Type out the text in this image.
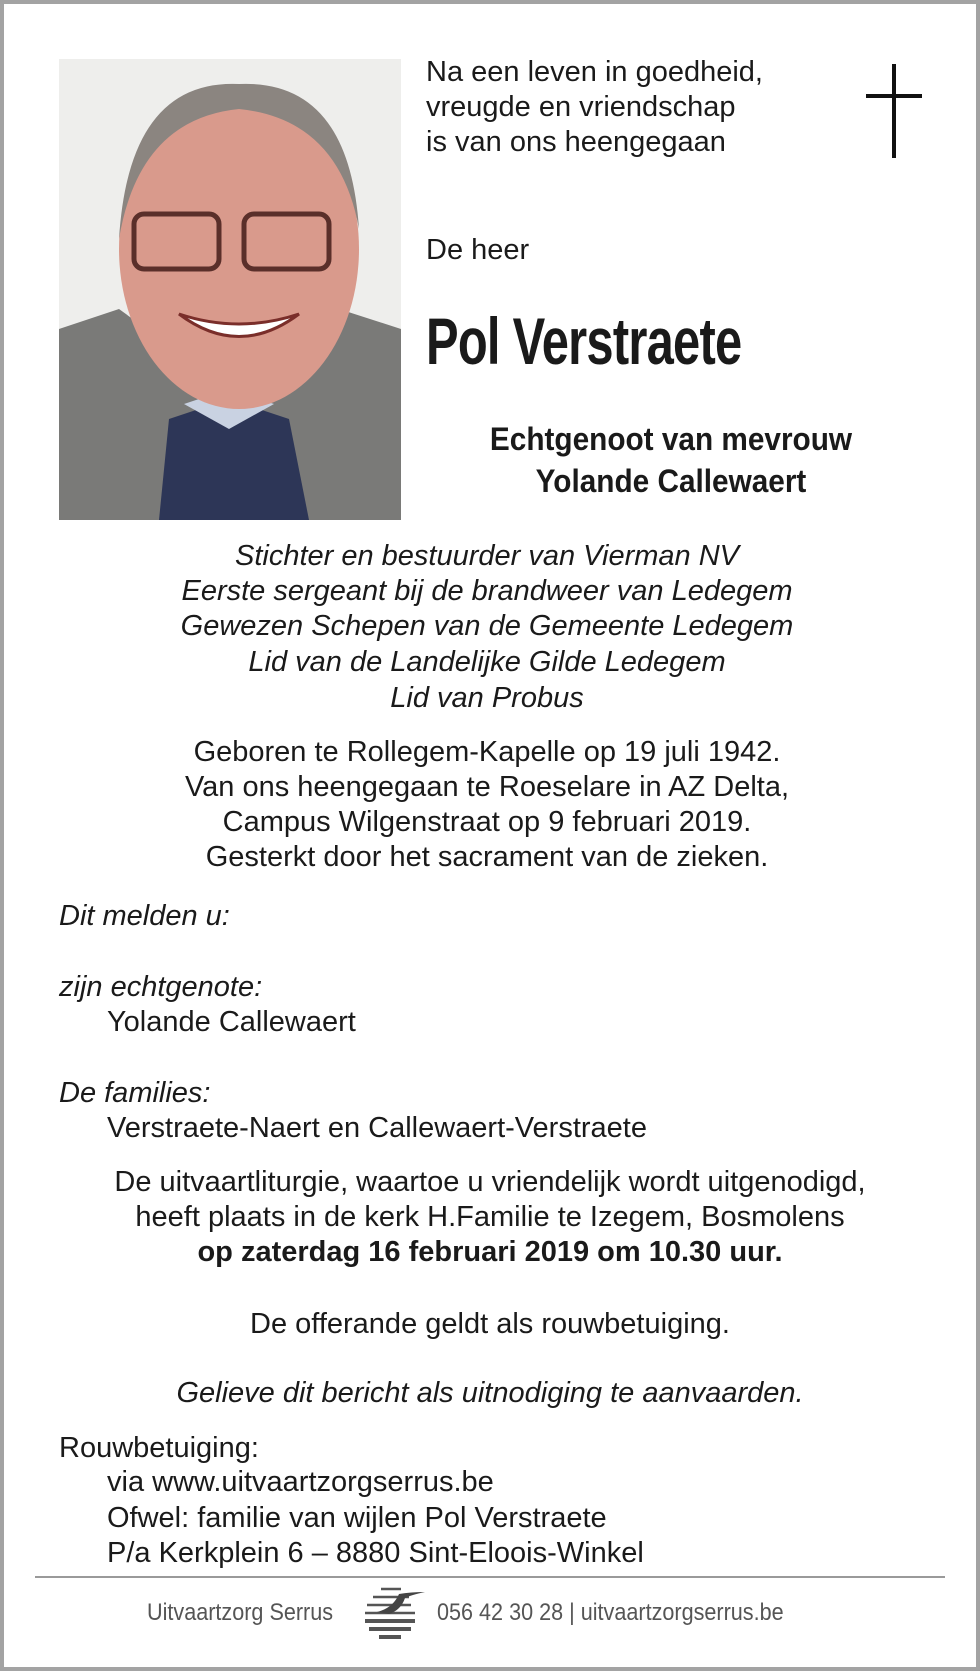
Na een leven in goedheid,
vreugde en vriendschap
is van ons heengegaan
De heer
Pol Verstraete
Echtgenoot van mevrouw
Yolande Callewaert
Stichter en bestuurder van Vierman NV
Eerste sergeant bij de brandweer van Ledegem
Gewezen Schepen van de Gemeente Ledegem
Lid van de Landelijke Gilde Ledegem
Lid van Probus
Geboren te Rollegem-Kapelle op 19 juli 1942.
Van ons heengegaan te Roeselare in AZ Delta,
Campus Wilgenstraat op 9 februari 2019.
Gesterkt door het sacrament van de zieken.
Dit melden u:
zijn echtgenote:
Yolande Callewaert
De families:
Verstraete-Naert en Callewaert-Verstraete
De uitvaartliturgie, waartoe u vriendelijk wordt uitgenodigd,
heeft plaats in de kerk H.Familie te Izegem, Bosmolens
op zaterdag 16 februari 2019 om 10.30 uur.
De offerande geldt als rouwbetuiging.
Gelieve dit bericht als uitnodiging te aanvaarden.
Rouwbetuiging:
via www.uitvaartzorgserrus.be
Ofwel: familie van wijlen Pol Verstraete
P/a Kerkplein 6 – 8880 Sint-Eloois-Winkel
Uitvaartzorg Serrus	056 42 30 28 | uitvaartzorgserrus.be
